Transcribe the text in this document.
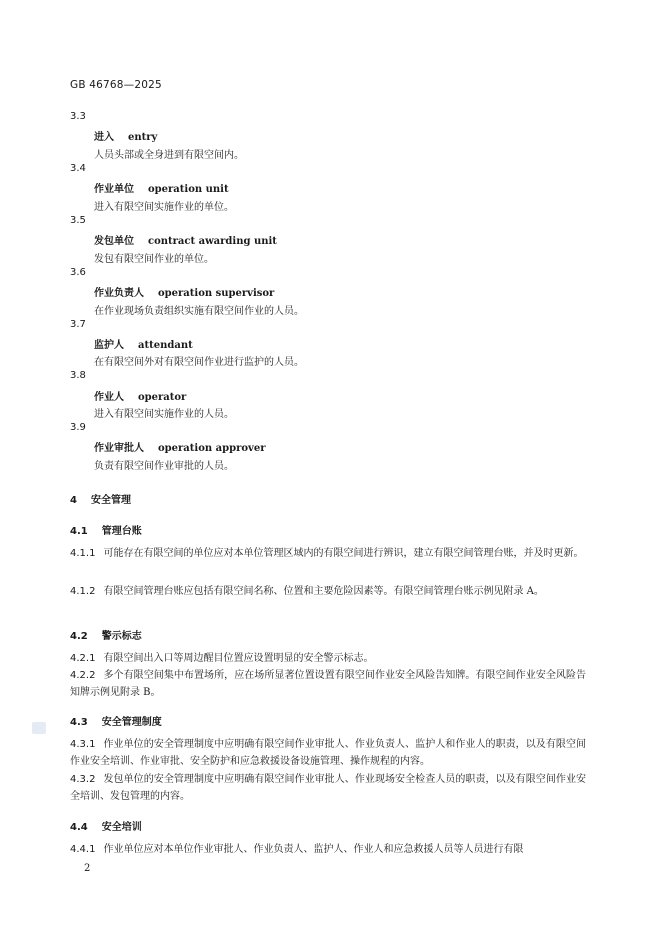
GB 46768—2025
3.3
进入 entry
人员头部或全身进到有限空间内。
3.4
作业单位 operation unit
进入有限空间实施作业的单位。
3.5
发包单位 contract awarding unit
发包有限空间作业的单位。
3.6
作业负责人 operation supervisor
在作业现场负责组织实施有限空间作业的人员。
3.7
监护人 attendant
在有限空间外对有限空间作业进行监护的人员。
3.8
作业人 operator
进入有限空间实施作业的人员。
3.9
作业审批人 operation approver
负责有限空间作业审批的人员。
4 安全管理
4.1 管理台账
4.1.1 可能存在有限空间的单位应对本单位管理区域内的有限空间进行辨识，建立有限空间管理台账，并及时更新。
4.1.2 有限空间管理台账应包括有限空间名称、位置和主要危险因素等。有限空间管理台账示例见附录 A。
4.2 警示标志
4.2.1 有限空间出入口等周边醒目位置应设置明显的安全警示标志。
4.2.2 多个有限空间集中布置场所，应在场所显著位置设置有限空间作业安全风险告知牌。有限空间作业安全风险告知牌示例见附录 B。
4.3 安全管理制度
4.3.1 作业单位的安全管理制度中应明确有限空间作业审批人、作业负责人、监护人和作业人的职责，以及有限空间作业安全培训、作业审批、安全防护和应急救援设备设施管理、操作规程的内容。
4.3.2 发包单位的安全管理制度中应明确有限空间作业审批人、作业现场安全检查人员的职责，以及有限空间作业安全培训、发包管理的内容。
4.4 安全培训
4.4.1 作业单位应对本单位作业审批人、作业负责人、监护人、作业人和应急救援人员等人员进行有限
2
